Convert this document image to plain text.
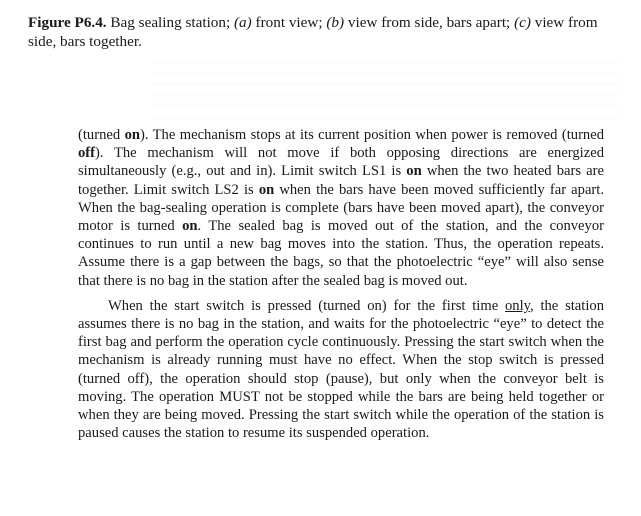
Figure P6.4. Bag sealing station; (a) front view; (b) view from side, bars apart; (c) view from side, bars together.

(turned on). The mechanism stops at its current position when power is removed (turned off). The mechanism will not move if both opposing directions are energized simultaneously (e.g., out and in). Limit switch LS1 is on when the two heated bars are together. Limit switch LS2 is on when the bars have been moved sufficiently far apart. When the bag-sealing operation is complete (bars have been moved apart), the conveyor motor is turned on. The sealed bag is moved out of the station, and the conveyor continues to run until a new bag moves into the station. Thus, the operation repeats. Assume there is a gap between the bags, so that the photoelectric “eye” will also sense that there is no bag in the station after the sealed bag is moved out.

When the start switch is pressed (turned on) for the first time only, the station assumes there is no bag in the station, and waits for the photoelectric “eye” to detect the first bag and perform the operation cycle continuously. Pressing the start switch when the mechanism is already running must have no effect. When the stop switch is pressed (turned off), the operation should stop (pause), but only when the conveyor belt is moving. The operation MUST not be stopped while the bars are being held together or when they are being moved. Pressing the start switch while the operation of the station is paused causes the station to resume its suspended operation.
